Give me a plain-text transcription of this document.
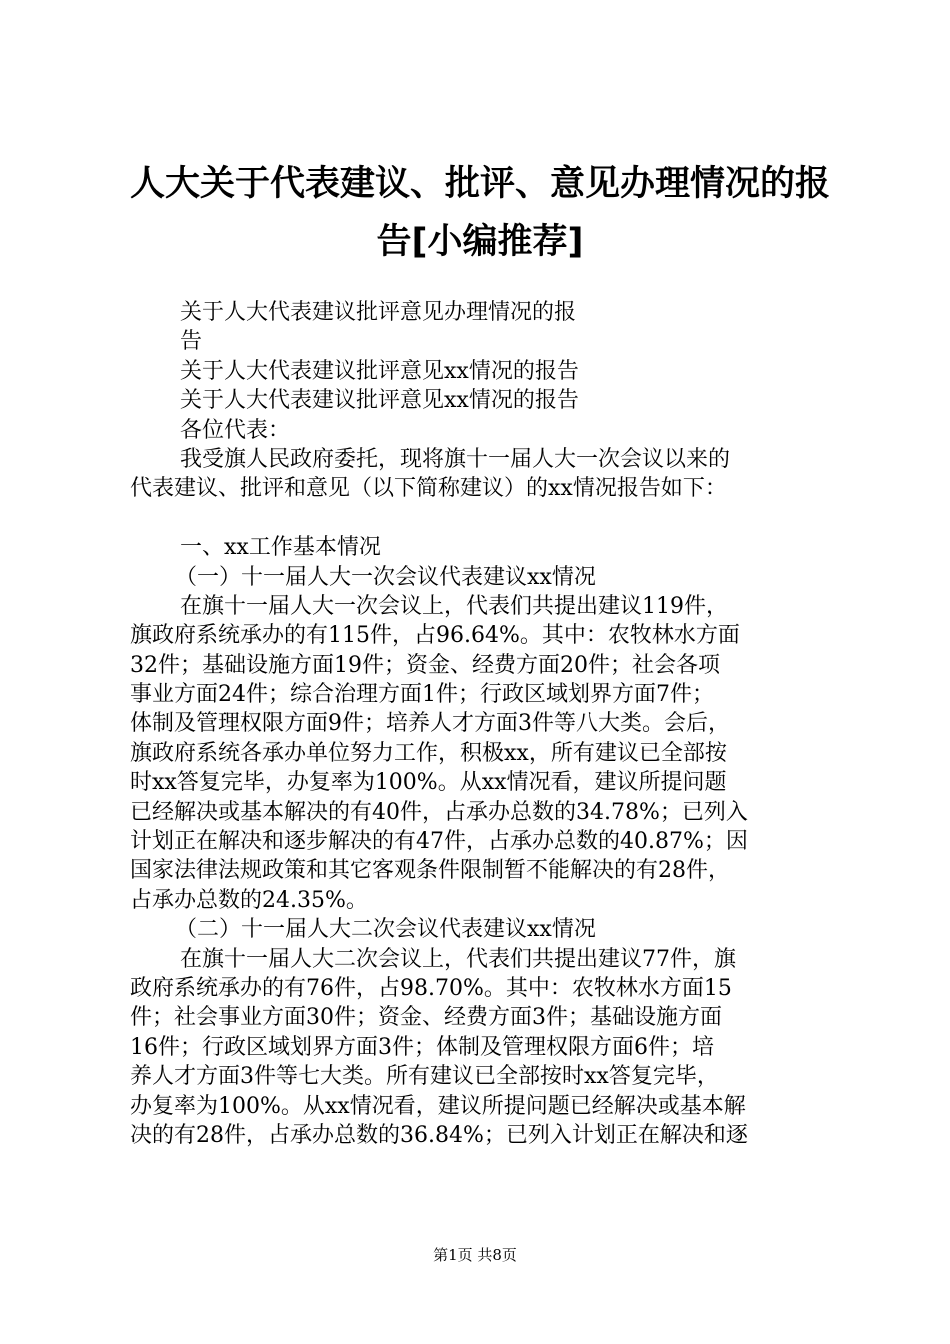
人大关于代表建议、批评、意见办理情况的报
告[小编推荐]
关于人大代表建议批评意见办理情况的报
告
关于人大代表建议批评意见xx情况的报告
关于人大代表建议批评意见xx情况的报告
各位代表：
我受旗人民政府委托，现将旗十一届人大一次会议以来的
代表建议、批评和意见（以下简称建议）的xx情况报告如下：
一、xx工作基本情况
（一）十一届人大一次会议代表建议xx情况
在旗十一届人大一次会议上，代表们共提出建议119件，
旗政府系统承办的有115件，占96.64%。其中：农牧林水方面
32件；基础设施方面19件；资金、经费方面20件；社会各项
事业方面24件；综合治理方面1件；行政区域划界方面7件；
体制及管理权限方面9件；培养人才方面3件等八大类。会后，
旗政府系统各承办单位努力工作，积极xx，所有建议已全部按
时xx答复完毕，办复率为100%。从xx情况看，建议所提问题
已经解决或基本解决的有40件，占承办总数的34.78%；已列入
计划正在解决和逐步解决的有47件，占承办总数的40.87%；因
国家法律法规政策和其它客观条件限制暂不能解决的有28件，
占承办总数的24.35%。
（二）十一届人大二次会议代表建议xx情况
在旗十一届人大二次会议上，代表们共提出建议77件，旗
政府系统承办的有76件，占98.70%。其中：农牧林水方面15
件；社会事业方面30件；资金、经费方面3件；基础设施方面
16件；行政区域划界方面3件；体制及管理权限方面6件；培
养人才方面3件等七大类。所有建议已全部按时xx答复完毕，
办复率为100%。从xx情况看，建议所提问题已经解决或基本解
决的有28件，占承办总数的36.84%；已列入计划正在解决和逐
第1页 共8页
